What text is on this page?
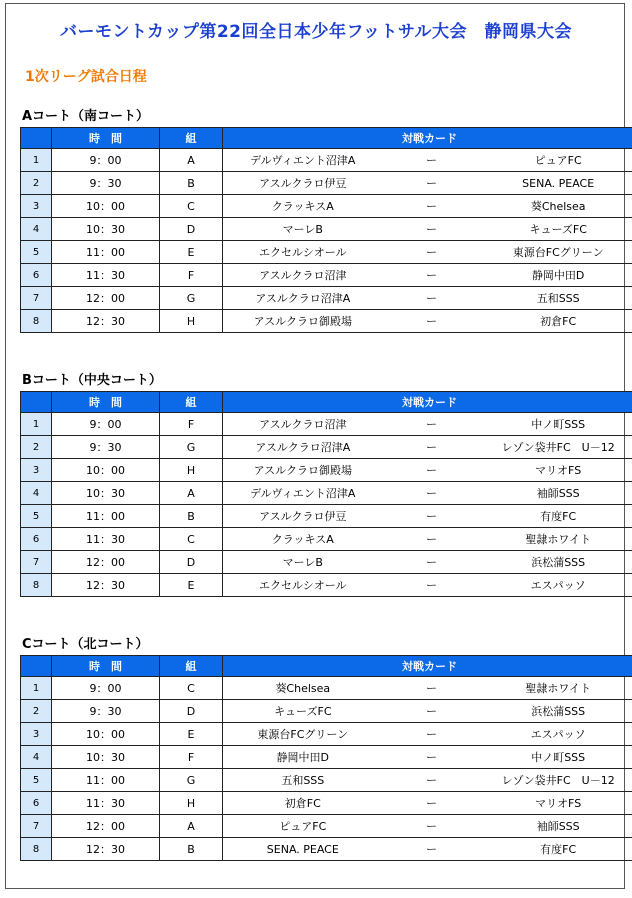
バーモントカップ第22回全日本少年フットサル大会　静岡県大会
1次リーグ試合日程
Aコート（南コート）
	時　間	組	対戦カード
1	9：00	A	デルヴィエント沼津A ー ピュアFC

2	9：30	B	アスルクラロ伊豆 ー SENA. PEACE

3	10：00	C	クラッキスA ー 葵Chelsea

4	10：30	D	マーレB ー キューズFC

5	11：00	E	エクセルシオール ー 東源台FCグリーン

6	11：30	F	アスルクラロ沼津 ー 静岡中田D

7	12：00	G	アスルクラロ沼津A ー 五和SSS

8	12：30	H	アスルクラロ御殿場 ー 初倉FC
Bコート（中央コート）
	時　間	組	対戦カード
1	9：00	F	アスルクラロ沼津 ー 中ノ町SSS

2	9：30	G	アスルクラロ沼津A ー レゾン袋井FC　U－12

3	10：00	H	アスルクラロ御殿場 ー マリオFS

4	10：30	A	デルヴィエント沼津A ー 袖師SSS

5	11：00	B	アスルクラロ伊豆 ー 有度FC

6	11：30	C	クラッキスA ー 聖隷ホワイト

7	12：00	D	マーレB ー 浜松蒲SSS

8	12：30	E	エクセルシオール ー エスパッソ
Cコート（北コート）
	時　間	組	対戦カード
1	9：00	C	葵Chelsea ー 聖隷ホワイト

2	9：30	D	キューズFC ー 浜松蒲SSS

3	10：00	E	東源台FCグリーン ー エスパッソ

4	10：30	F	静岡中田D ー 中ノ町SSS

5	11：00	G	五和SSS ー レゾン袋井FC　U－12

6	11：30	H	初倉FC ー マリオFS

7	12：00	A	ピュアFC ー 袖師SSS

8	12：30	B	SENA. PEACE ー 有度FC
